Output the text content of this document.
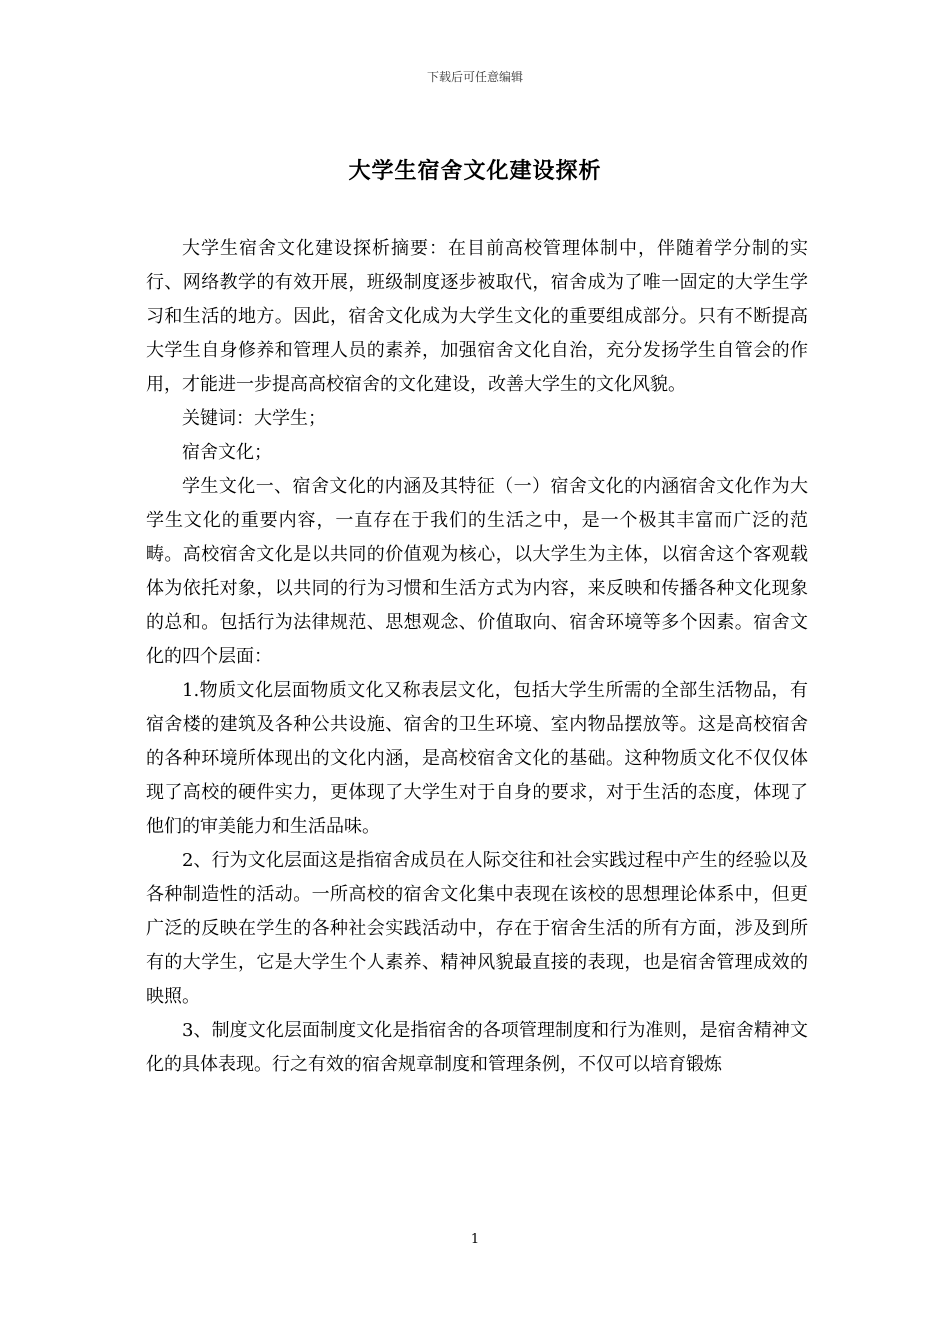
下载后可任意编辑
大学生宿舍文化建设探析

大学生宿舍文化建设探析摘要：在目前高校管理体制中，伴随着学分制的实行、网络教学的有效开展，班级制度逐步被取代，宿舍成为了唯一固定的大学生学习和生活的地方。因此，宿舍文化成为大学生文化的重要组成部分。只有不断提高大学生自身修养和管理人员的素养，加强宿舍文化自治，充分发扬学生自管会的作用，才能进一步提高高校宿舍的文化建设，改善大学生的文化风貌。

关键词：大学生；

宿舍文化；

学生文化一、宿舍文化的内涵及其特征（一）宿舍文化的内涵宿舍文化作为大学生文化的重要内容，一直存在于我们的生活之中，是一个极其丰富而广泛的范畴。高校宿舍文化是以共同的价值观为核心，以大学生为主体，以宿舍这个客观载体为依托对象，以共同的行为习惯和生活方式为内容，来反映和传播各种文化现象的总和。包括行为法律规范、思想观念、价值取向、宿舍环境等多个因素。宿舍文化的四个层面：

1.物质文化层面物质文化又称表层文化，包括大学生所需的全部生活物品，有宿舍楼的建筑及各种公共设施、宿舍的卫生环境、室内物品摆放等。这是高校宿舍的各种环境所体现出的文化内涵，是高校宿舍文化的基础。这种物质文化不仅仅体现了高校的硬件实力，更体现了大学生对于自身的要求，对于生活的态度，体现了他们的审美能力和生活品味。

2、行为文化层面这是指宿舍成员在人际交往和社会实践过程中产生的经验以及各种制造性的活动。一所高校的宿舍文化集中表现在该校的思想理论体系中，但更广泛的反映在学生的各种社会实践活动中，存在于宿舍生活的所有方面，涉及到所有的大学生，它是大学生个人素养、精神风貌最直接的表现，也是宿舍管理成效的映照。

3、制度文化层面制度文化是指宿舍的各项管理制度和行为准则，是宿舍精神文化的具体表现。行之有效的宿舍规章制度和管理条例，不仅可以培育锻炼

1
